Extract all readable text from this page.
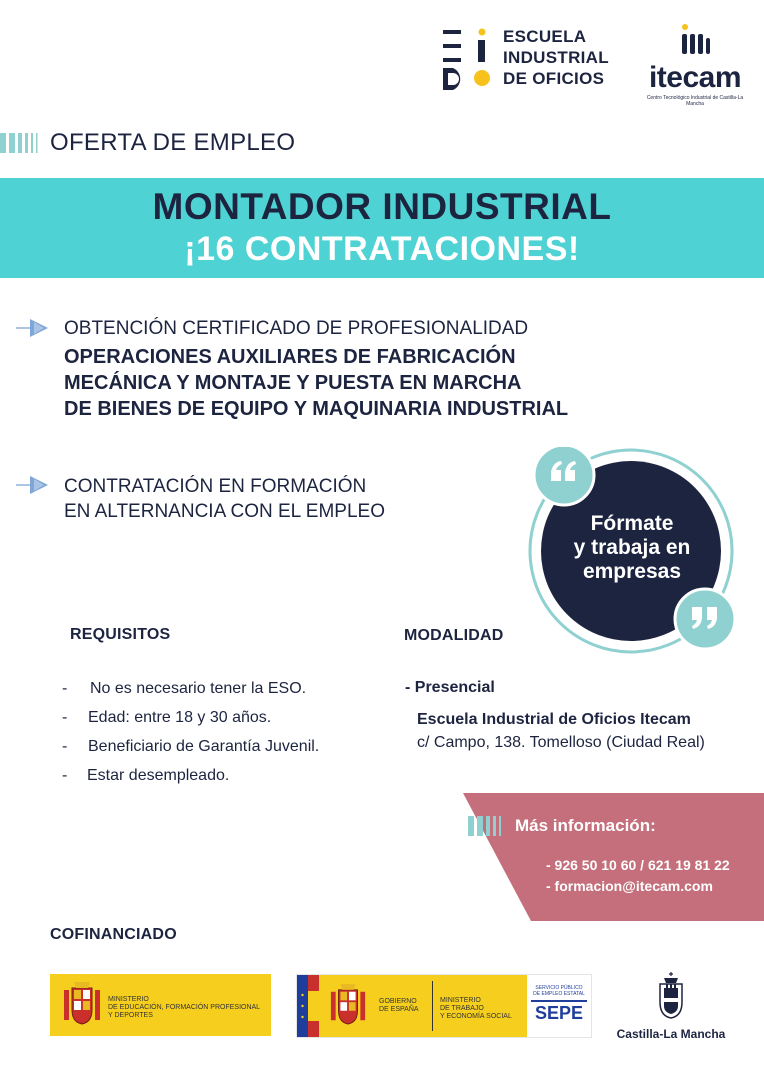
ESCUELA
INDUSTRIAL
DE OFICIOS itecam
Centro Tecnológico Industrial de Castilla-La Mancha
OFERTA DE EMPLEO
MONTADOR INDUSTRIAL
¡16 CONTRATACIONES!
OBTENCIÓN CERTIFICADO DE PROFESIONALIDAD
OPERACIONES AUXILIARES DE FABRICACIÓN
MECÁNICA Y MONTAJE Y PUESTA EN MARCHA
DE BIENES DE EQUIPO Y MAQUINARIA INDUSTRIAL
CONTRATACIÓN EN FORMACIÓN
EN ALTERNANCIA CON EL EMPLEO
Fórmate
y trabaja en
empresas
REQUISITOS
- No es necesario tener la ESO.
- Edad: entre 18 y 30 años.
- Beneficiario de Garantía Juvenil.
- Estar desempleado.
MODALIDAD
- Presencial
Escuela Industrial de Oficios Itecam
c/ Campo, 138. Tomelloso (Ciudad Real)
Más información:
- 926 50 10 60 / 621 19 81 22
- formacion@itecam.com
COFINANCIADO
MINISTERIO
DE EDUCACIÓN, FORMACIÓN PROFESIONAL
Y DEPORTES
GOBIERNO
DE ESPAÑA
MINISTERIO
DE TRABAJO
Y ECONOMÍA SOCIAL
SERVICIO PÚBLICO
DE EMPLEO ESTATAL
SEPE
Castilla-La Mancha
